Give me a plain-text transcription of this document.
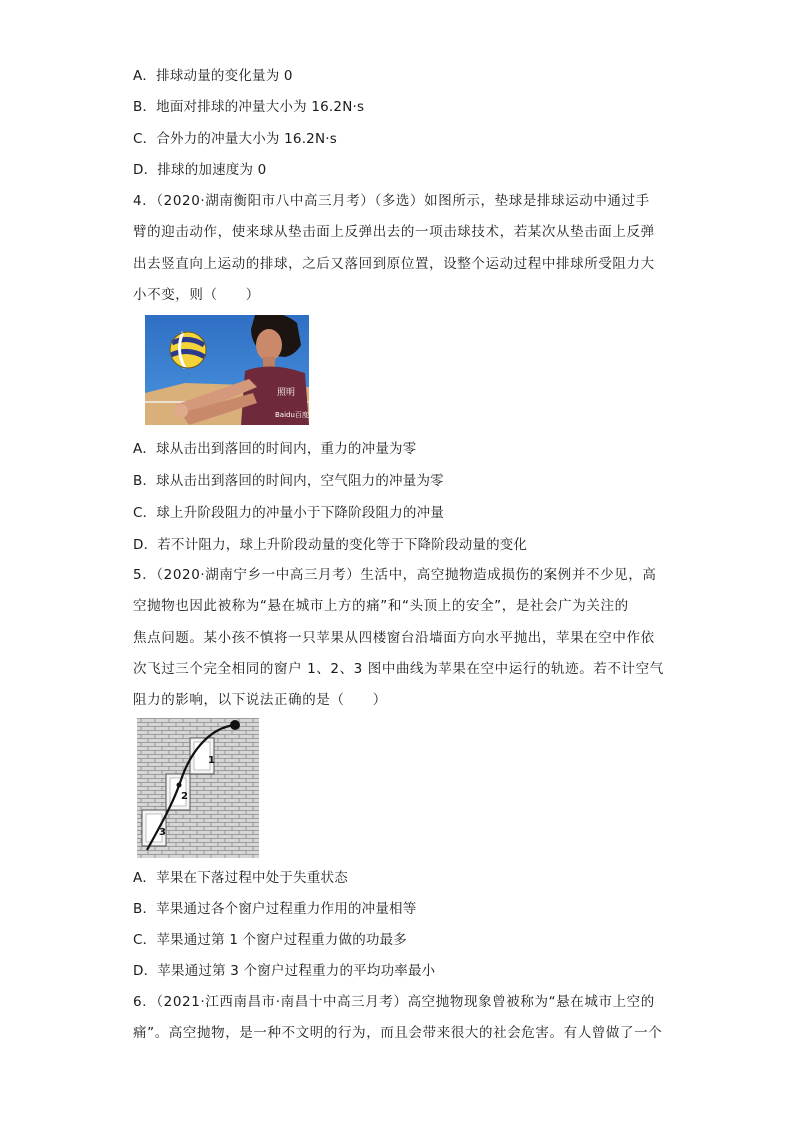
A．排球动量的变化量为 0
B．地面对排球的冲量大小为 16.2N·s
C．合外力的冲量大小为 16.2N·s
D．排球的加速度为 0
4．（2020·湖南衡阳市八中高三月考）（多选）如图所示，垫球是排球运动中通过手
臂的迎击动作，使来球从垫击面上反弹出去的一项击球技术，若某次从垫击面上反弹
出去竖直向上运动的排球，之后又落回到原位置，设整个运动过程中排球所受阻力大
小不变，则（　　）
照明
Baidu百度
A．球从击出到落回的时间内，重力的冲量为零
B．球从击出到落回的时间内，空气阻力的冲量为零
C．球上升阶段阻力的冲量小于下降阶段阻力的冲量
D．若不计阻力，球上升阶段动量的变化等于下降阶段动量的变化
5．（2020·湖南宁乡一中高三月考）生活中，高空抛物造成损伤的案例并不少见，高
空抛物也因此被称为“悬在城市上方的痛”和“头顶上的安全”，是社会广为关注的
焦点问题。某小孩不慎将一只苹果从四楼窗台沿墙面方向水平抛出，苹果在空中作依
次飞过三个完全相同的窗户 1、2、3 图中曲线为苹果在空中运行的轨迹。若不计空气
阻力的影响，以下说法正确的是（　　）
1
2
3
A．苹果在下落过程中处于失重状态
B．苹果通过各个窗户过程重力作用的冲量相等
C．苹果通过第 1 个窗户过程重力做的功最多
D．苹果通过第 3 个窗户过程重力的平均功率最小
6．（2021·江西南昌市·南昌十中高三月考）高空抛物现象曾被称为“悬在城市上空的
痛”。高空抛物，是一种不文明的行为，而且会带来很大的社会危害。有人曾做了一个
